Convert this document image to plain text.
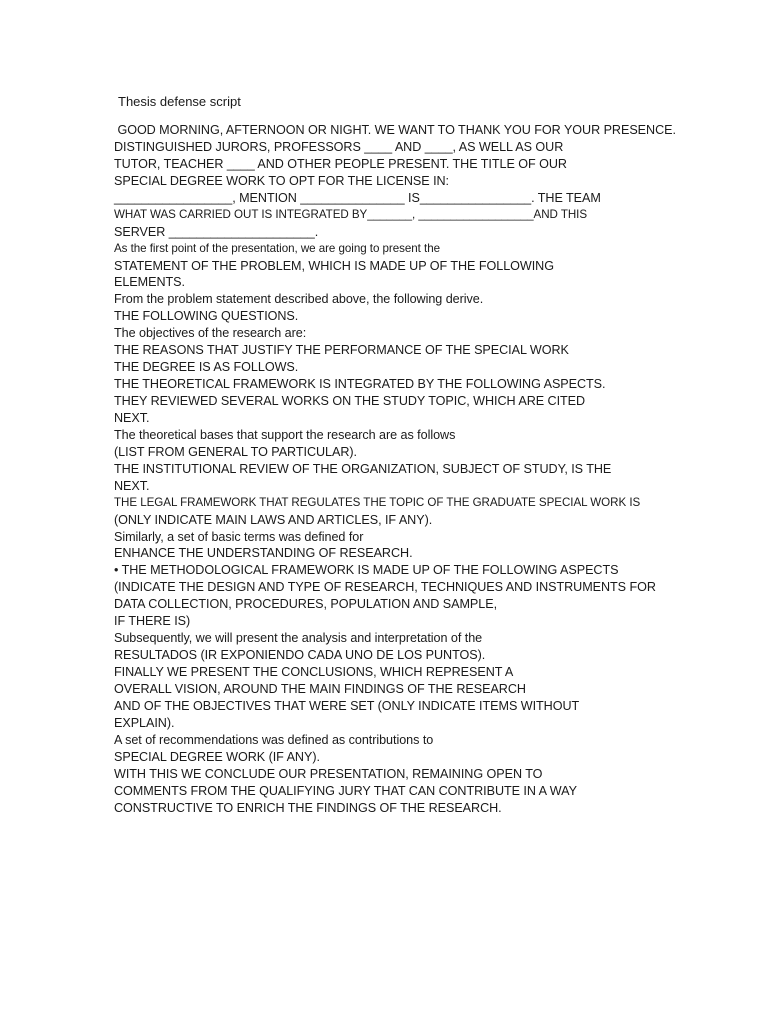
Thesis defense script
GOOD MORNING, AFTERNOON OR NIGHT. WE WANT TO THANK YOU FOR YOUR PRESENCE.
DISTINGUISHED JURORS, PROFESSORS ____ AND ____, AS WELL AS OUR
TUTOR, TEACHER ____ AND OTHER PEOPLE PRESENT. THE TITLE OF OUR
SPECIAL DEGREE WORK TO OPT FOR THE LICENSE IN:
_________________, MENTION _______________ IS________________. THE TEAM
WHAT WAS CARRIED OUT IS INTEGRATED BY_______, __________________AND THIS
SERVER _____________________.
As the first point of the presentation, we are going to present the
STATEMENT OF THE PROBLEM, WHICH IS MADE UP OF THE FOLLOWING
ELEMENTS.
From the problem statement described above, the following derive.
THE FOLLOWING QUESTIONS.
The objectives of the research are:
THE REASONS THAT JUSTIFY THE PERFORMANCE OF THE SPECIAL WORK
THE DEGREE IS AS FOLLOWS.
THE THEORETICAL FRAMEWORK IS INTEGRATED BY THE FOLLOWING ASPECTS.
THEY REVIEWED SEVERAL WORKS ON THE STUDY TOPIC, WHICH ARE CITED
NEXT.
The theoretical bases that support the research are as follows
(LIST FROM GENERAL TO PARTICULAR).
THE INSTITUTIONAL REVIEW OF THE ORGANIZATION, SUBJECT OF STUDY, IS THE
NEXT.
THE LEGAL FRAMEWORK THAT REGULATES THE TOPIC OF THE GRADUATE SPECIAL WORK IS
(ONLY INDICATE MAIN LAWS AND ARTICLES, IF ANY).
Similarly, a set of basic terms was defined for
ENHANCE THE UNDERSTANDING OF RESEARCH.
• THE METHODOLOGICAL FRAMEWORK IS MADE UP OF THE FOLLOWING ASPECTS
(INDICATE THE DESIGN AND TYPE OF RESEARCH, TECHNIQUES AND INSTRUMENTS FOR
DATA COLLECTION, PROCEDURES, POPULATION AND SAMPLE,
IF THERE IS)
Subsequently, we will present the analysis and interpretation of the
RESULTADOS (IR EXPONIENDO CADA UNO DE LOS PUNTOS).
FINALLY WE PRESENT THE CONCLUSIONS, WHICH REPRESENT A
OVERALL VISION, AROUND THE MAIN FINDINGS OF THE RESEARCH
AND OF THE OBJECTIVES THAT WERE SET (ONLY INDICATE ITEMS WITHOUT
EXPLAIN).
A set of recommendations was defined as contributions to
SPECIAL DEGREE WORK (IF ANY).
WITH THIS WE CONCLUDE OUR PRESENTATION, REMAINING OPEN TO
COMMENTS FROM THE QUALIFYING JURY THAT CAN CONTRIBUTE IN A WAY
CONSTRUCTIVE TO ENRICH THE FINDINGS OF THE RESEARCH.
